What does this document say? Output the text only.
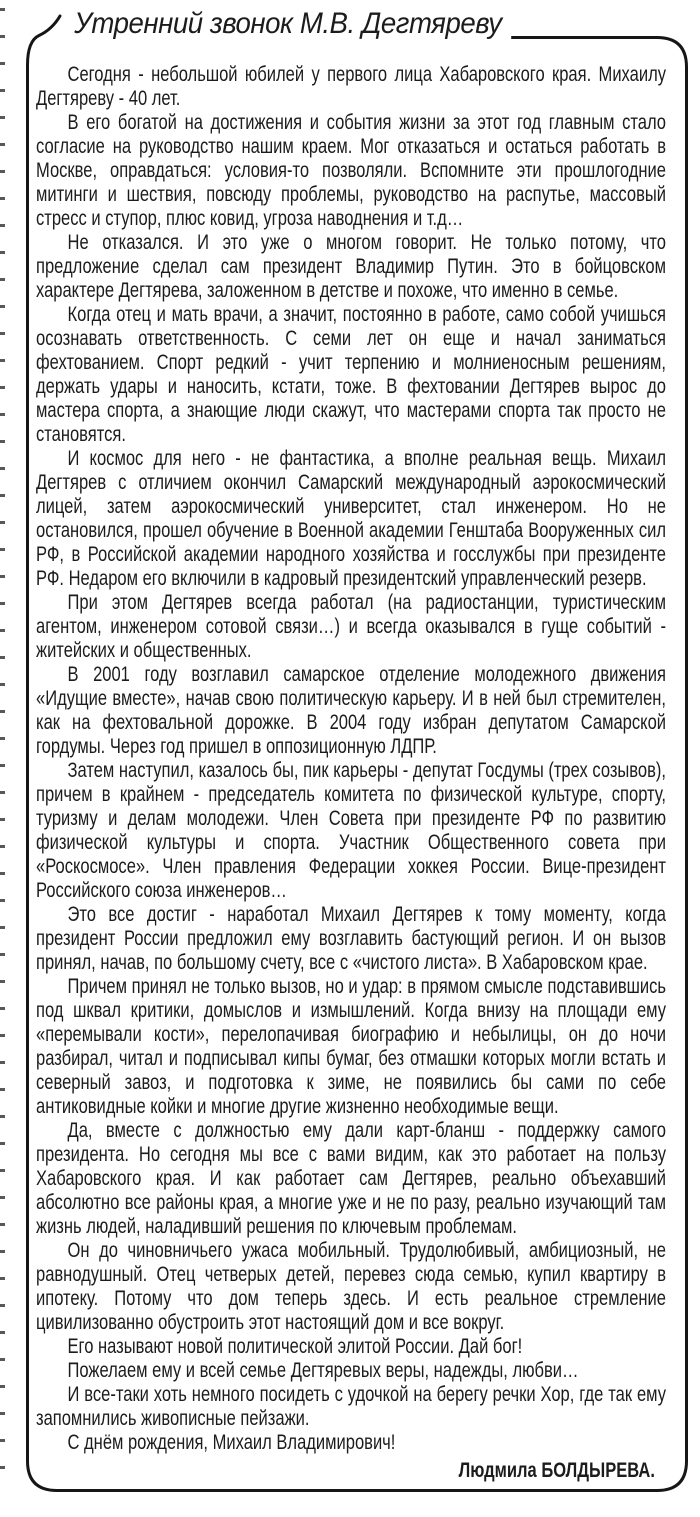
Утренний звонок М.В. Дегтяреву

Сегодня - небольшой юбилей у первого лица Хабаровского края. Михаилу Дегтяреву - 40 лет.

В его богатой на достижения и события жизни за этот год главным стало согласие на руководство нашим краем. Мог отказаться и остаться работать в Москве, оправдаться: условия-то позволяли. Вспомните эти прошлогодние митинги и шествия, повсюду проблемы, руководство на распутье, массовый стресс и ступор, плюс ковид, угроза наводнения и т.д…

Не отказался. И это уже о многом говорит. Не только потому, что предложение сделал сам президент Владимир Путин. Это в бойцовском характере Дегтярева, заложенном в детстве и похоже, что именно в семье.

Когда отец и мать врачи, а значит, постоянно в работе, само собой учишься осознавать ответственность. С семи лет он еще и начал заниматься фехтованием. Спорт редкий - учит терпению и молниеносным решениям, держать удары и наносить, кстати, тоже. В фехтовании Дегтярев вырос до мастера спорта, а знающие люди скажут, что мастерами спорта так просто не становятся.

И космос для него - не фантастика, а вполне реальная вещь. Михаил Дегтярев с отличием окончил Самарский международный аэрокосмический лицей, затем аэрокосмический университет, стал инженером. Но не остановился, прошел обучение в Военной академии Генштаба Вооруженных сил РФ, в Российской академии народного хозяйства и госслужбы при президенте РФ. Недаром его включили в кадровый президентский управленческий резерв.

При этом Дегтярев всегда работал (на радиостанции, туристическим агентом, инженером сотовой связи…) и всегда оказывался в гуще событий - житейских и общественных.

В 2001 году возглавил самарское отделение молодежного движения «Идущие вместе», начав свою политическую карьеру. И в ней был стремителен, как на фехтовальной дорожке. В 2004 году избран депутатом Самарской гордумы. Через год пришел в оппозиционную ЛДПР.

Затем наступил, казалось бы, пик карьеры - депутат Госдумы (трех созывов), причем в крайнем - председатель комитета по физической культуре, спорту, туризму и делам молодежи. Член Совета при президенте РФ по развитию физической культуры и спорта. Участник Общественного совета при «Роскосмосе». Член правления Федерации хоккея России. Вице-президент Российского союза инженеров…

Это все достиг - наработал Михаил Дегтярев к тому моменту, когда президент России предложил ему возглавить бастующий регион. И он вызов принял, начав, по большому счету, все с «чистого листа». В Хабаровском крае.

Причем принял не только вызов, но и удар: в прямом смысле подставившись под шквал критики, домыслов и измышлений. Когда внизу на площади ему «перемывали кости», перелопачивая биографию и небылицы, он до ночи разбирал, читал и подписывал кипы бумаг, без отмашки которых могли встать и северный завоз, и подготовка к зиме, не появились бы сами по себе антиковидные койки и многие другие жизненно необходимые вещи.

Да, вместе с должностью ему дали карт-бланш - поддержку самого президента. Но сегодня мы все с вами видим, как это работает на пользу Хабаровского края. И как работает сам Дегтярев, реально объехавший абсолютно все районы края, а многие уже и не по разу, реально изучающий там жизнь людей, наладивший решения по ключевым проблемам.

Он до чиновничьего ужаса мобильный. Трудолюбивый, амбициозный, не равнодушный. Отец четверых детей, перевез сюда семью, купил квартиру в ипотеку. Потому что дом теперь здесь. И есть реальное стремление цивилизованно обустроить этот настоящий дом и все вокруг.

Его называют новой политической элитой России. Дай бог!

Пожелаем ему и всей семье Дегтяревых веры, надежды, любви…

И все-таки хоть немного посидеть с удочкой на берегу речки Хор, где так ему запомнились живописные пейзажи.

С днём рождения, Михаил Владимирович!

Людмила БОЛДЫРЕВА.
